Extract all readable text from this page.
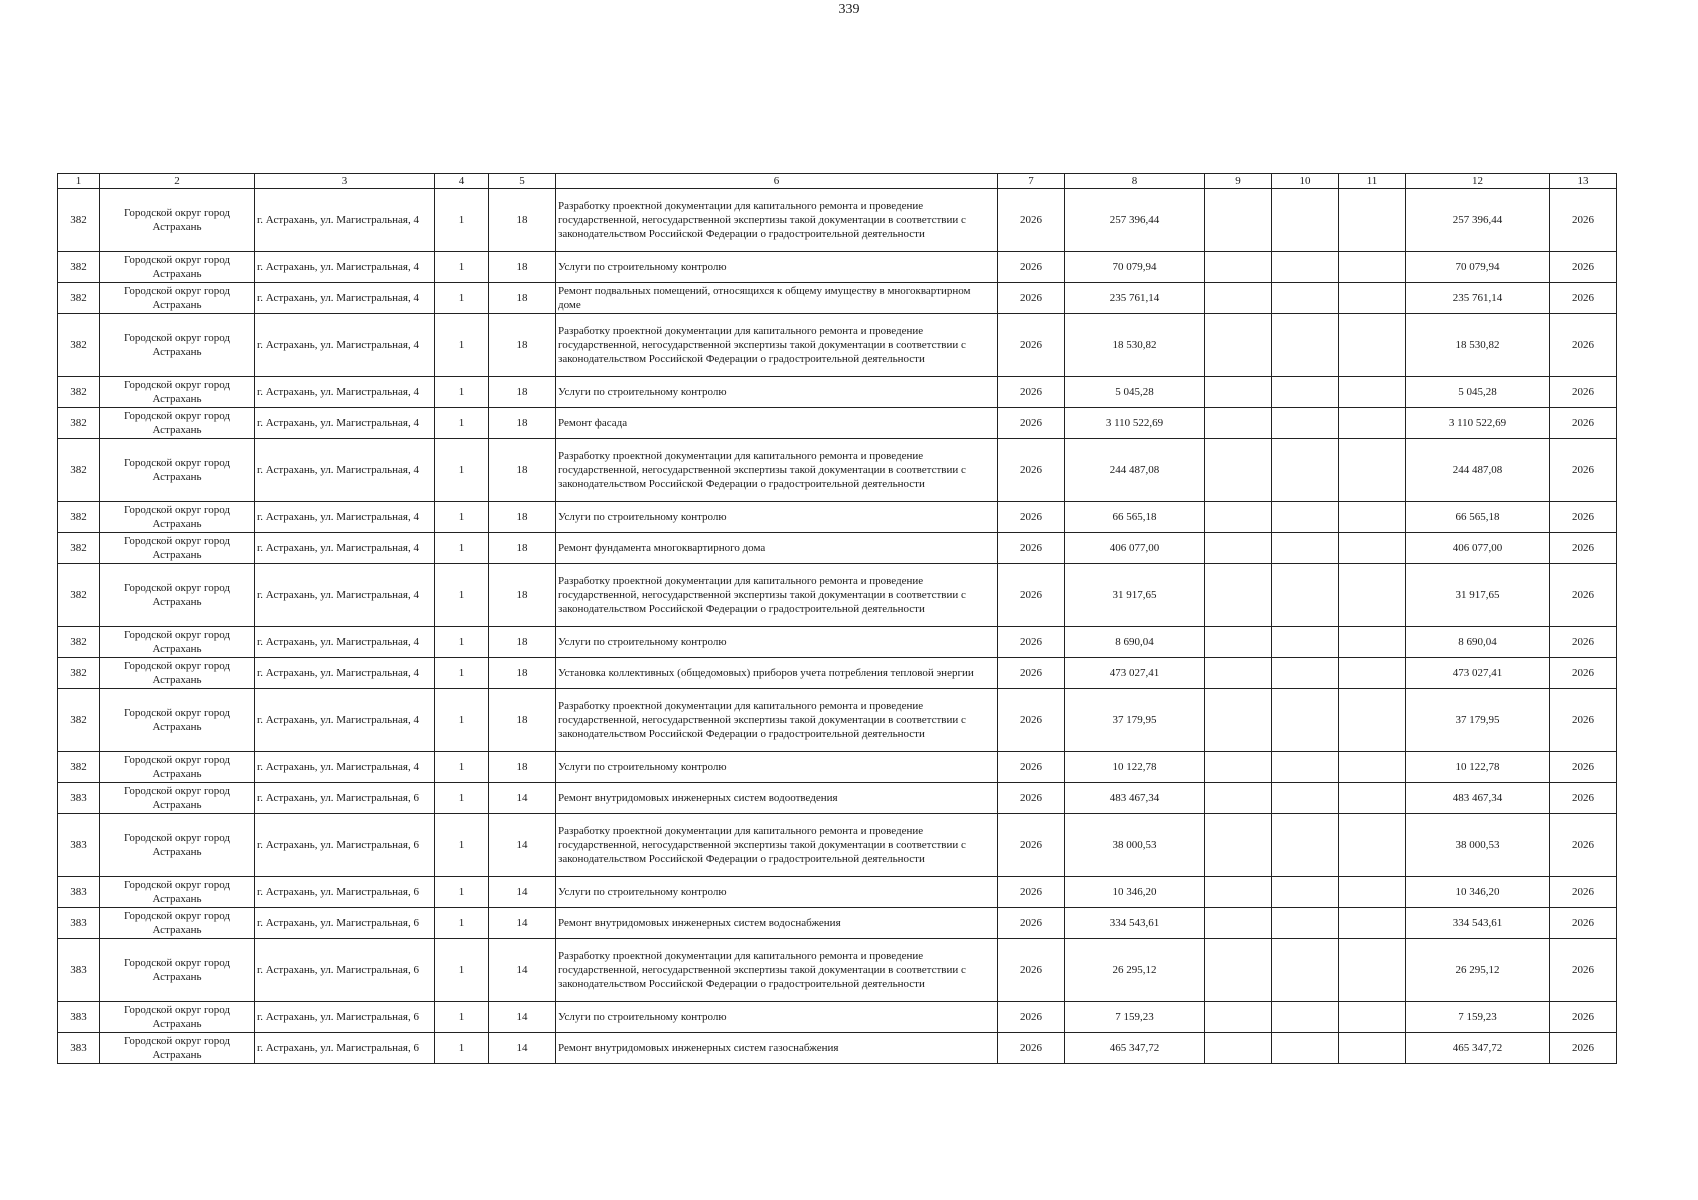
339
1	2	3	4	5	6	7	8	9	10	11	12	13
382	Городской округ город Астрахань	г. Астрахань, ул. Магистральная, 4	1	18	Разработку проектной документации для капитального ремонта и проведение государственной, негосударственной экспертизы такой документации в соответствии с законодательством Российской Федерации о градостроительной деятельности	2026	257 396,44				257 396,44	2026
382	Городской округ город Астрахань	г. Астрахань, ул. Магистральная, 4	1	18	Услуги по строительному контролю	2026	70 079,94				70 079,94	2026
382	Городской округ город Астрахань	г. Астрахань, ул. Магистральная, 4	1	18	Ремонт подвальных помещений, относящихся к общему имуществу в многоквартирном доме	2026	235 761,14				235 761,14	2026
382	Городской округ город Астрахань	г. Астрахань, ул. Магистральная, 4	1	18	Разработку проектной документации для капитального ремонта и проведение государственной, негосударственной экспертизы такой документации в соответствии с законодательством Российской Федерации о градостроительной деятельности	2026	18 530,82				18 530,82	2026
382	Городской округ город Астрахань	г. Астрахань, ул. Магистральная, 4	1	18	Услуги по строительному контролю	2026	5 045,28				5 045,28	2026
382	Городской округ город Астрахань	г. Астрахань, ул. Магистральная, 4	1	18	Ремонт фасада	2026	3 110 522,69				3 110 522,69	2026
382	Городской округ город Астрахань	г. Астрахань, ул. Магистральная, 4	1	18	Разработку проектной документации для капитального ремонта и проведение государственной, негосударственной экспертизы такой документации в соответствии с законодательством Российской Федерации о градостроительной деятельности	2026	244 487,08				244 487,08	2026
382	Городской округ город Астрахань	г. Астрахань, ул. Магистральная, 4	1	18	Услуги по строительному контролю	2026	66 565,18				66 565,18	2026
382	Городской округ город Астрахань	г. Астрахань, ул. Магистральная, 4	1	18	Ремонт фундамента многоквартирного дома	2026	406 077,00				406 077,00	2026
382	Городской округ город Астрахань	г. Астрахань, ул. Магистральная, 4	1	18	Разработку проектной документации для капитального ремонта и проведение государственной, негосударственной экспертизы такой документации в соответствии с законодательством Российской Федерации о градостроительной деятельности	2026	31 917,65				31 917,65	2026
382	Городской округ город Астрахань	г. Астрахань, ул. Магистральная, 4	1	18	Услуги по строительному контролю	2026	8 690,04				8 690,04	2026
382	Городской округ город Астрахань	г. Астрахань, ул. Магистральная, 4	1	18	Установка коллективных (общедомовых) приборов учета потребления тепловой энергии	2026	473 027,41				473 027,41	2026
382	Городской округ город Астрахань	г. Астрахань, ул. Магистральная, 4	1	18	Разработку проектной документации для капитального ремонта и проведение государственной, негосударственной экспертизы такой документации в соответствии с законодательством Российской Федерации о градостроительной деятельности	2026	37 179,95				37 179,95	2026
382	Городской округ город Астрахань	г. Астрахань, ул. Магистральная, 4	1	18	Услуги по строительному контролю	2026	10 122,78				10 122,78	2026
383	Городской округ город Астрахань	г. Астрахань, ул. Магистральная, 6	1	14	Ремонт внутридомовых инженерных систем водоотведения	2026	483 467,34				483 467,34	2026
383	Городской округ город Астрахань	г. Астрахань, ул. Магистральная, 6	1	14	Разработку проектной документации для капитального ремонта и проведение государственной, негосударственной экспертизы такой документации в соответствии с законодательством Российской Федерации о градостроительной деятельности	2026	38 000,53				38 000,53	2026
383	Городской округ город Астрахань	г. Астрахань, ул. Магистральная, 6	1	14	Услуги по строительному контролю	2026	10 346,20				10 346,20	2026
383	Городской округ город Астрахань	г. Астрахань, ул. Магистральная, 6	1	14	Ремонт внутридомовых инженерных систем водоснабжения	2026	334 543,61				334 543,61	2026
383	Городской округ город Астрахань	г. Астрахань, ул. Магистральная, 6	1	14	Разработку проектной документации для капитального ремонта и проведение государственной, негосударственной экспертизы такой документации в соответствии с законодательством Российской Федерации о градостроительной деятельности	2026	26 295,12				26 295,12	2026
383	Городской округ город Астрахань	г. Астрахань, ул. Магистральная, 6	1	14	Услуги по строительному контролю	2026	7 159,23				7 159,23	2026
383	Городской округ город Астрахань	г. Астрахань, ул. Магистральная, 6	1	14	Ремонт внутридомовых инженерных систем газоснабжения	2026	465 347,72				465 347,72	2026
